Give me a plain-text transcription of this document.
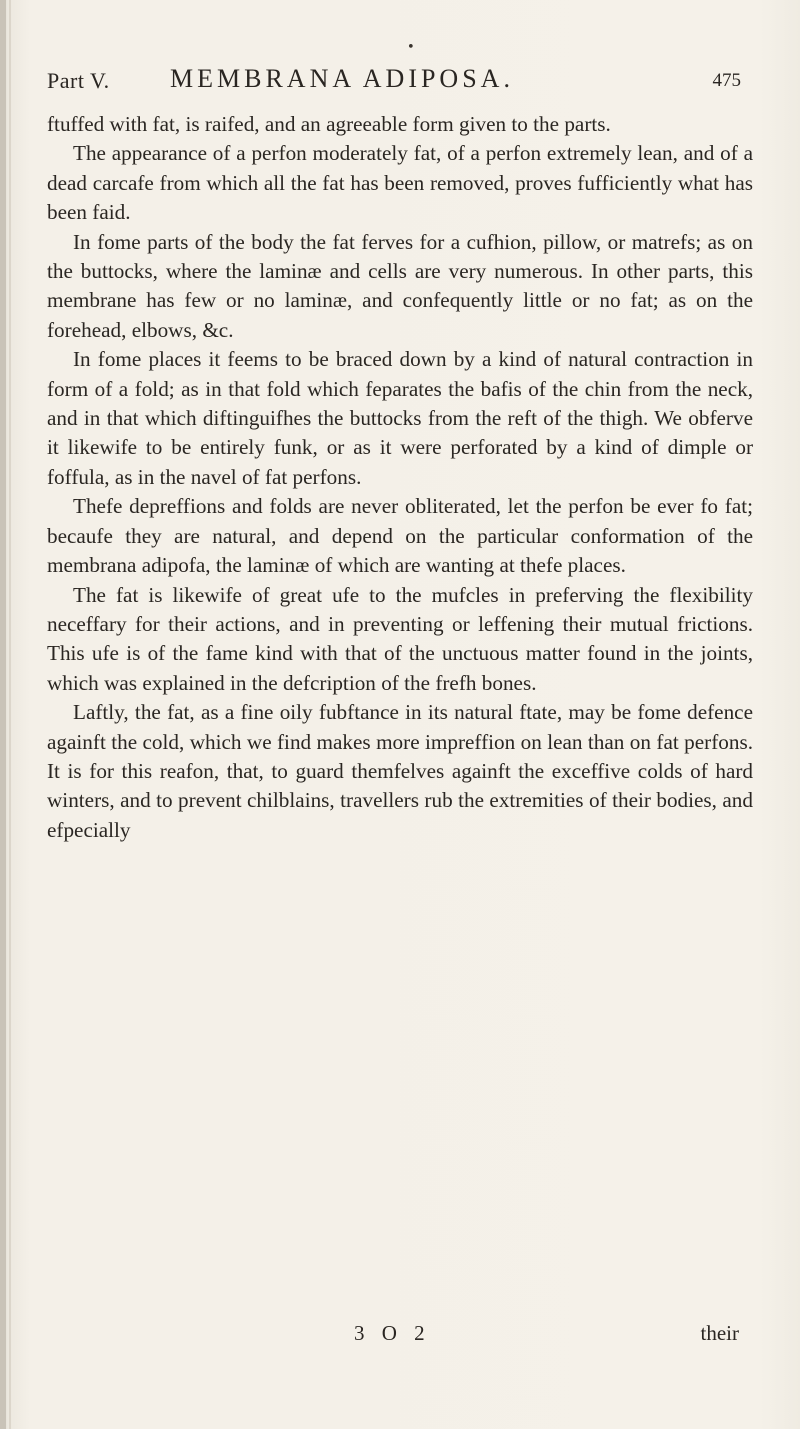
•
Part V. MEMBRANA ADIPOSA.	475

ftuffed with fat, is raifed, and an agreeable form given to the parts.

The appearance of a perfon moderately fat, of a perfon extremely lean, and of a dead carcafe from which all the fat has been removed, proves fufficiently what has been faid.

In fome parts of the body the fat ferves for a cufhion, pillow, or matrefs; as on the buttocks, where the laminæ and cells are very numerous. In other parts, this membrane has few or no laminæ, and confequently little or no fat; as on the forehead, elbows, &c.

In fome places it feems to be braced down by a kind of natural contraction in form of a fold; as in that fold which feparates the bafis of the chin from the neck, and in that which diftinguifhes the buttocks from the reft of the thigh. We obferve it likewife to be entirely funk, or as it were perforated by a kind of dimple or foffula, as in the navel of fat perfons.

Thefe depreffions and folds are never obliterated, let the perfon be ever fo fat; becaufe they are natural, and depend on the particular conformation of the membrana adipofa, the laminæ of which are wanting at thefe places.

The fat is likewife of great ufe to the mufcles in preferving the flexibility neceffary for their actions, and in preventing or leffening their mutual frictions. This ufe is of the fame kind with that of the unctuous matter found in the joints, which was explained in the defcription of the frefh bones.

Laftly, the fat, as a fine oily fubftance in its natural ftate, may be fome defence againft the cold, which we find makes more impreffion on lean than on fat perfons. It is for this reafon, that, to guard themfelves againft the exceffive colds of hard winters, and to prevent chilblains, travellers rub the extremities of their bodies, and efpecially

3 O 2	their
